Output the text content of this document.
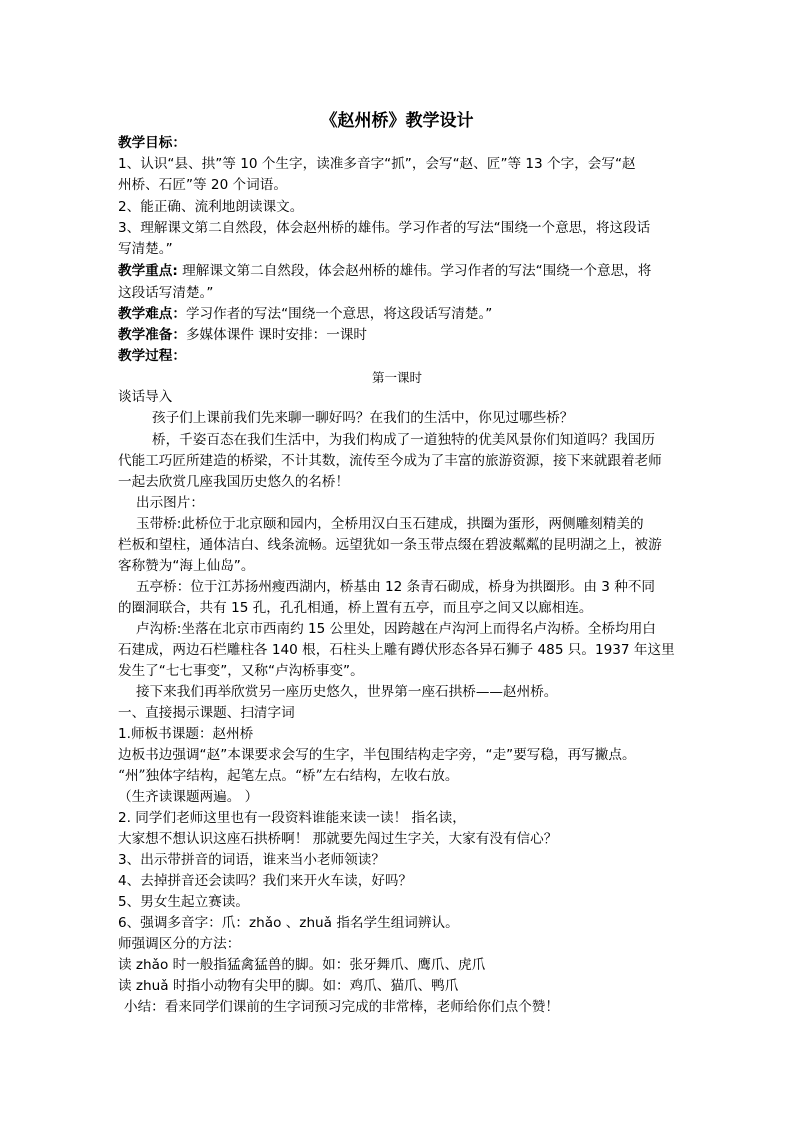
《赵州桥》教学设计
教学目标：
1、认识“县、拱”等 10 个生字，读准多音字“抓”，会写“赵、匠”等 13 个字，会写“赵
州桥、石匠”等 20 个词语。
2、能正确、流利地朗读课文。
3、理解课文第二自然段，体会赵州桥的雄伟。学习作者的写法“围绕一个意思，将这段话
写清楚。”
教学重点: 理解课文第二自然段，体会赵州桥的雄伟。学习作者的写法“围绕一个意思，将
这段话写清楚。”
教学难点：学习作者的写法“围绕一个意思，将这段话写清楚。”
教学准备：多媒体课件 课时安排：一课时
教学过程：
第一课时
谈话导入
孩子们上课前我们先来聊一聊好吗？在我们的生活中，你见过哪些桥？
桥，千姿百态在我们生活中，为我们构成了一道独特的优美风景你们知道吗？我国历
代能工巧匠所建造的桥梁，不计其数，流传至今成为了丰富的旅游资源，接下来就跟着老师
一起去欣赏几座我国历史悠久的名桥！
出示图片：
玉带桥:此桥位于北京颐和园内，全桥用汉白玉石建成，拱圈为蛋形，两侧雕刻精美的
栏板和望柱，通体洁白、线条流畅。远望犹如一条玉带点缀在碧波粼粼的昆明湖之上，被游
客称赞为“海上仙岛”。
五亭桥：位于江苏扬州瘦西湖内，桥基由 12 条青石砌成，桥身为拱圈形。由 3 种不同
的圈洞联合，共有 15 孔，孔孔相通，桥上置有五亭，而且亭之间又以廊相连。
卢沟桥:坐落在北京市西南约 15 公里处，因跨越在卢沟河上而得名卢沟桥。全桥均用白
石建成，两边石栏雕柱各 140 根，石柱头上雕有蹲伏形态各异石狮子 485 只。1937 年这里
发生了“七七事变”，又称“卢沟桥事变”。
接下来我们再举欣赏另一座历史悠久，世界第一座石拱桥——赵州桥。
一、直接揭示课题、扫清字词
1.师板书课题：赵州桥
边板书边强调“赵”本课要求会写的生字，半包围结构走字旁，“走”要写稳，再写撇点。
“州”独体字结构，起笔左点。“桥”左右结构，左收右放。
（生齐读课题两遍。 ）
2. 同学们老师这里也有一段资料谁能来读一读！ 指名读，
大家想不想认识这座石拱桥啊！ 那就要先闯过生字关，大家有没有信心？
3、出示带拼音的词语，谁来当小老师领读？
4、去掉拼音还会读吗？我们来开火车读，好吗？
5、男女生起立赛读。
6、强调多音字：爪：zhǎo 、zhuǎ 指名学生组词辨认。
师强调区分的方法：
读 zhǎo 时一般指猛禽猛兽的脚。如：张牙舞爪、鹰爪、虎爪
读 zhuǎ 时指小动物有尖甲的脚。如：鸡爪、猫爪、鸭爪
小结：看来同学们课前的生字词预习完成的非常棒，老师给你们点个赞！
